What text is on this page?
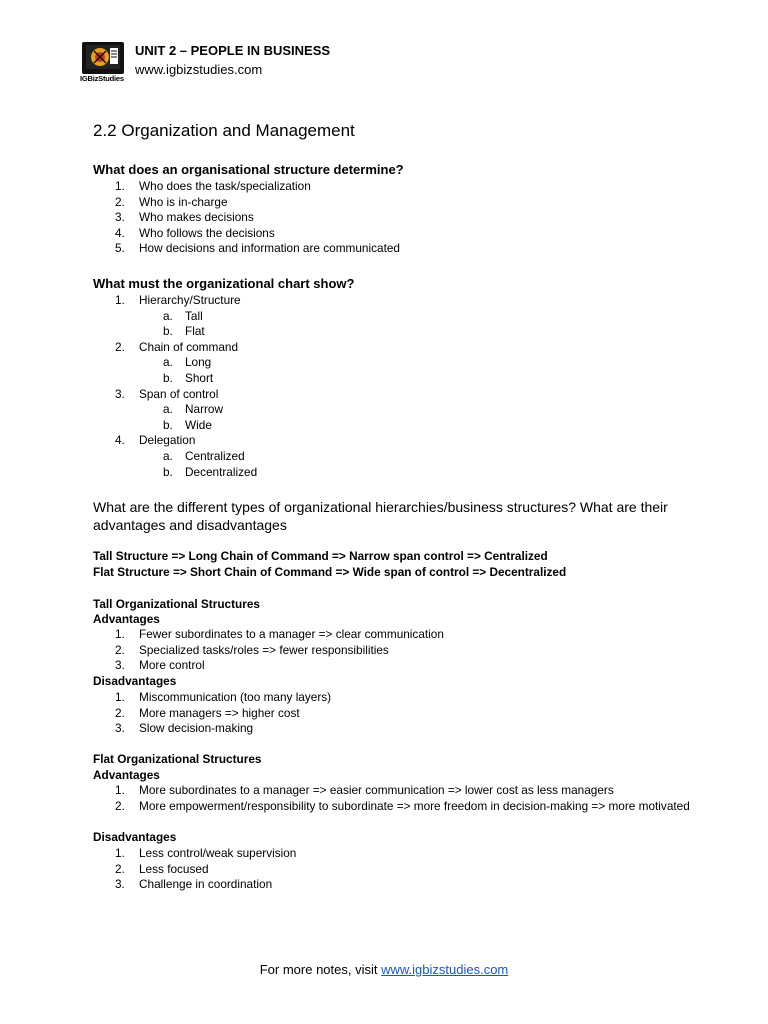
IGBizStudies
UNIT 2 – PEOPLE IN BUSINESS
www.igbizstudies.com
2.2 Organization and Management
What does an organisational structure determine?
1.	Who does the task/specialization
2.	Who is in-charge
3.	Who makes decisions
4.	Who follows the decisions
5.	How decisions and information are communicated
What must the organizational chart show?
1.	Hierarchy/Structure
a.	Tall
b.	Flat
2.	Chain of command
a.	Long
b.	Short
3.	Span of control
a.	Narrow
b.	Wide
4.	Delegation
a.	Centralized
b.	Decentralized
What are the different types of organizational hierarchies/business structures? What are their advantages and disadvantages
Tall Structure => Long Chain of Command => Narrow span control => Centralized
Flat Structure => Short Chain of Command => Wide span of control => Decentralized
Tall Organizational Structures
Advantages
1.	Fewer subordinates to a manager => clear communication
2.	Specialized tasks/roles => fewer responsibilities
3.	More control
Disadvantages
1.	Miscommunication (too many layers)
2.	More managers => higher cost
3.	Slow decision-making
Flat Organizational Structures
Advantages
1.	More subordinates to a manager => easier communication => lower cost as less managers
2.	More empowerment/responsibility to subordinate => more freedom in decision-making => more motivated
Disadvantages
1.	Less control/weak supervision
2.	Less focused
3.	Challenge in coordination
For more notes, visit www.igbizstudies.com
